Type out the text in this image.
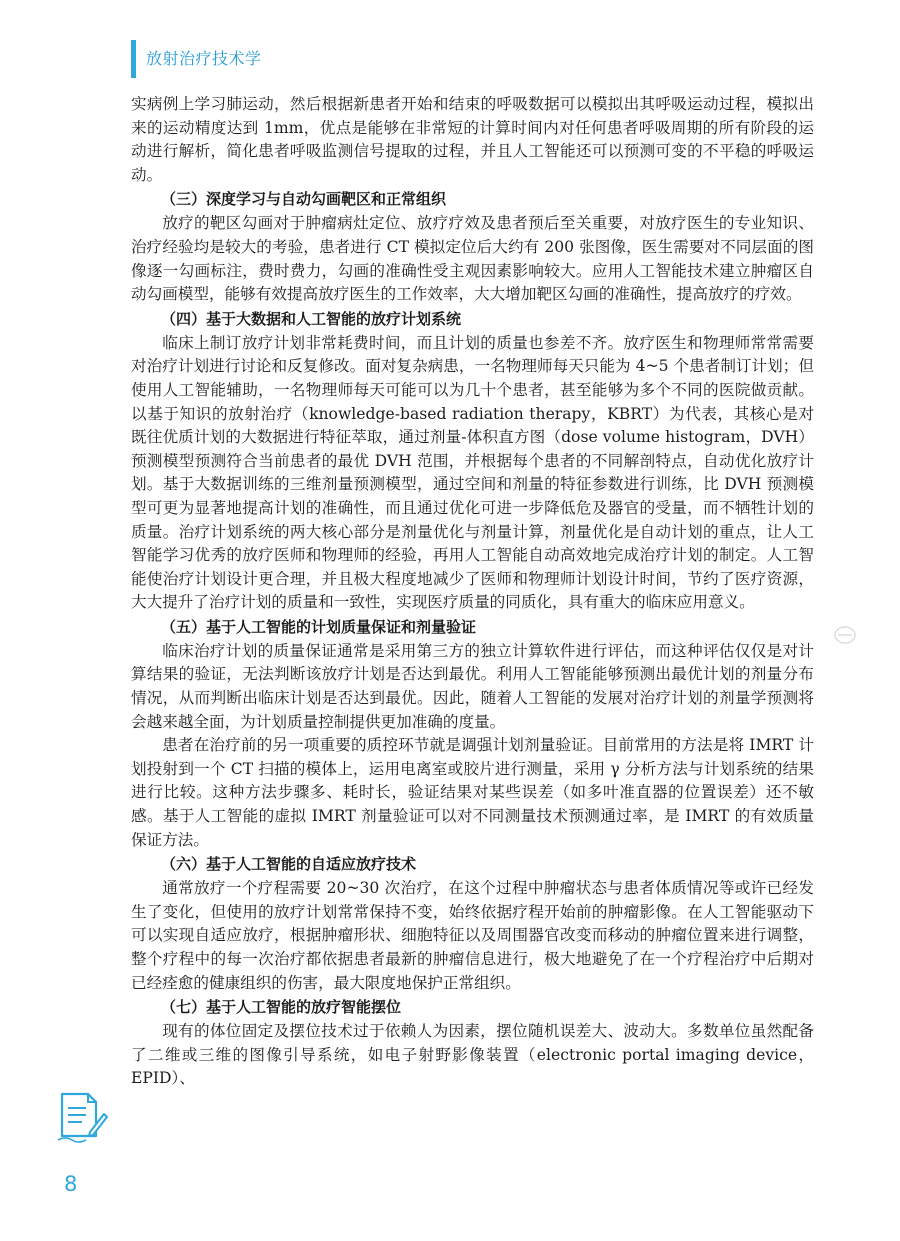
放射治疗技术学

实病例上学习肺运动，然后根据新患者开始和结束的呼吸数据可以模拟出其呼吸运动过程，模拟出来的运动精度达到 1mm，优点是能够在非常短的计算时间内对任何患者呼吸周期的所有阶段的运动进行解析，简化患者呼吸监测信号提取的过程，并且人工智能还可以预测可变的不平稳的呼吸运动。

（三）深度学习与自动勾画靶区和正常组织

放疗的靶区勾画对于肿瘤病灶定位、放疗疗效及患者预后至关重要，对放疗医生的专业知识、治疗经验均是较大的考验，患者进行 CT 模拟定位后大约有 200 张图像，医生需要对不同层面的图像逐一勾画标注，费时费力，勾画的准确性受主观因素影响较大。应用人工智能技术建立肿瘤区自动勾画模型，能够有效提高放疗医生的工作效率，大大增加靶区勾画的准确性，提高放疗的疗效。

（四）基于大数据和人工智能的放疗计划系统

临床上制订放疗计划非常耗费时间，而且计划的质量也参差不齐。放疗医生和物理师常常需要对治疗计划进行讨论和反复修改。面对复杂病患，一名物理师每天只能为 4~5 个患者制订计划；但使用人工智能辅助，一名物理师每天可能可以为几十个患者，甚至能够为多个不同的医院做贡献。以基于知识的放射治疗（knowledge-based radiation therapy，KBRT）为代表，其核心是对既往优质计划的大数据进行特征萃取，通过剂量-体积直方图（dose volume histogram，DVH）预测模型预测符合当前患者的最优 DVH 范围，并根据每个患者的不同解剖特点，自动优化放疗计划。基于大数据训练的三维剂量预测模型，通过空间和剂量的特征参数进行训练，比 DVH 预测模型可更为显著地提高计划的准确性，而且通过优化可进一步降低危及器官的受量，而不牺牲计划的质量。治疗计划系统的两大核心部分是剂量优化与剂量计算，剂量优化是自动计划的重点，让人工智能学习优秀的放疗医师和物理师的经验，再用人工智能自动高效地完成治疗计划的制定。人工智能使治疗计划设计更合理，并且极大程度地减少了医师和物理师计划设计时间，节约了医疗资源，大大提升了治疗计划的质量和一致性，实现医疗质量的同质化，具有重大的临床应用意义。

（五）基于人工智能的计划质量保证和剂量验证

临床治疗计划的质量保证通常是采用第三方的独立计算软件进行评估，而这种评估仅仅是对计算结果的验证，无法判断该放疗计划是否达到最优。利用人工智能能够预测出最优计划的剂量分布情况，从而判断出临床计划是否达到最优。因此，随着人工智能的发展对治疗计划的剂量学预测将会越来越全面，为计划质量控制提供更加准确的度量。

患者在治疗前的另一项重要的质控环节就是调强计划剂量验证。目前常用的方法是将 IMRT 计划投射到一个 CT 扫描的模体上，运用电离室或胶片进行测量，采用 γ 分析方法与计划系统的结果进行比较。这种方法步骤多、耗时长，验证结果对某些误差（如多叶准直器的位置误差）还不敏感。基于人工智能的虚拟 IMRT 剂量验证可以对不同测量技术预测通过率，是 IMRT 的有效质量保证方法。

（六）基于人工智能的自适应放疗技术

通常放疗一个疗程需要 20~30 次治疗，在这个过程中肿瘤状态与患者体质情况等或许已经发生了变化，但使用的放疗计划常常保持不变，始终依据疗程开始前的肿瘤影像。在人工智能驱动下可以实现自适应放疗，根据肿瘤形状、细胞特征以及周围器官改变而移动的肿瘤位置来进行调整，整个疗程中的每一次治疗都依据患者最新的肿瘤信息进行，极大地避免了在一个疗程治疗中后期对已经痊愈的健康组织的伤害，最大限度地保护正常组织。

（七）基于人工智能的放疗智能摆位

现有的体位固定及摆位技术过于依赖人为因素，摆位随机误差大、波动大。多数单位虽然配备了二维或三维的图像引导系统，如电子射野影像装置（electronic portal imaging device，EPID）、

8
